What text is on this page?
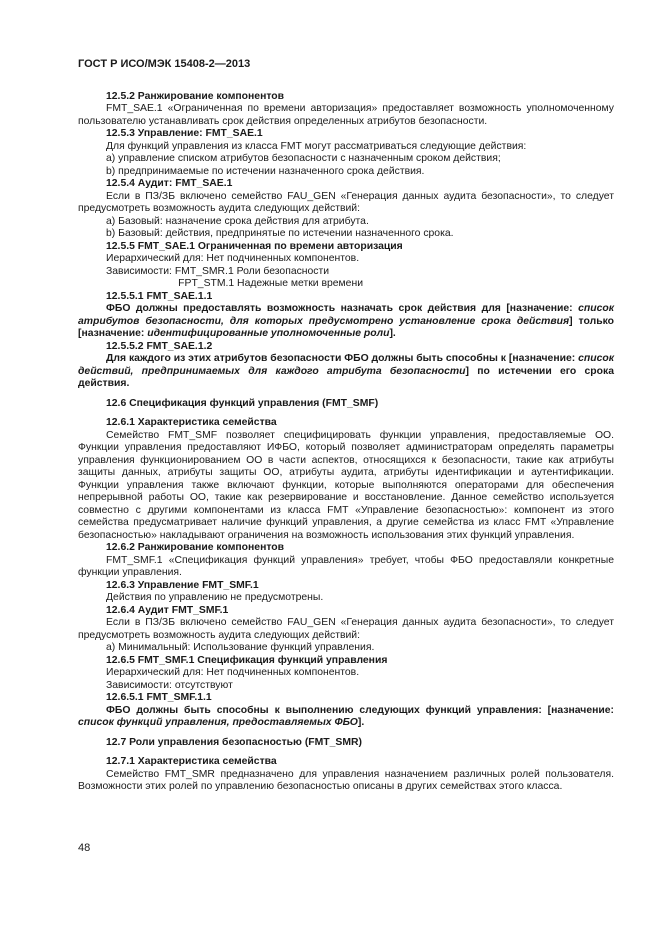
ГОСТ Р ИСО/МЭК 15408-2—2013

12.5.2 Ранжирование компонентов

FMT_SAE.1 «Ограниченная по времени авторизация» предоставляет возможность уполномоченному пользователю устанавливать срок действия определенных атрибутов безопасности.

12.5.3 Управление: FMT_SAE.1

Для функций управления из класса FMT могут рассматриваться следующие действия:

a) управление списком атрибутов безопасности с назначенным сроком действия;

b) предпринимаемые по истечении назначенного срока действия.

12.5.4 Аудит: FMT_SAE.1

Если в ПЗ/ЗБ включено семейство FAU_GEN «Генерация данных аудита безопасности», то следует предусмотреть возможность аудита следующих действий:

a) Базовый: назначение срока действия для атрибута.

b) Базовый: действия, предпринятые по истечении назначенного срока.

12.5.5 FMT_SAE.1 Ограниченная по времени авторизация

Иерархический для: Нет подчиненных компонентов.

Зависимости: FMT_SMR.1 Роли безопасности

FPT_STM.1 Надежные метки времени

12.5.5.1 FMT_SAE.1.1

ФБО должны предоставлять возможность назначать срок действия для [назначение: список атрибутов безопасности, для которых предусмотрено установление срока действия] только [назначение: идентифицированные уполномоченные роли].

12.5.5.2 FMT_SAE.1.2

Для каждого из этих атрибутов безопасности ФБО должны быть способны к [назначение: список действий, предпринимаемых для каждого атрибута безопасности] по истечении его срока действия.

12.6 Спецификация функций управления (FMT_SMF)

12.6.1 Характеристика семейства

Семейство FMT_SMF позволяет специфицировать функции управления, предоставляемые ОО. Функции управления предоставляют ИФБО, который позволяет администраторам определять параметры управления функционированием ОО в части аспектов, относящихся к безопасности, такие как атрибуты защиты данных, атрибуты защиты ОО, атрибуты аудита, атрибуты идентификации и аутентификации. Функции управления также включают функции, которые выполняются операторами для обеспечения непрерывной работы ОО, такие как резервирование и восстановление. Данное семейство используется совместно с другими компонентами из класса FMT «Управление безопасностью»: компонент из этого семейства предусматривает наличие функций управления, а другие семейства из класс FMT «Управление безопасностью» накладывают ограничения на возможность использования этих функций управления.

12.6.2 Ранжирование компонентов

FMT_SMF.1 «Спецификация функций управления» требует, чтобы ФБО предоставляли конкретные функции управления.

12.6.3 Управление FMT_SMF.1

Действия по управлению не предусмотрены.

12.6.4 Аудит FMT_SMF.1

Если в ПЗ/ЗБ включено семейство FAU_GEN «Генерация данных аудита безопасности», то следует предусмотреть возможность аудита следующих действий:

a) Минимальный: Использование функций управления.

12.6.5 FMT_SMF.1 Спецификация функций управления

Иерархический для: Нет подчиненных компонентов.

Зависимости: отсутствуют

12.6.5.1 FMT_SMF.1.1

ФБО должны быть способны к выполнению следующих функций управления: [назначение: список функций управления, предоставляемых ФБО].

12.7 Роли управления безопасностью (FMT_SMR)

12.7.1 Характеристика семейства

Семейство FMT_SMR предназначено для управления назначением различных ролей пользователя. Возможности этих ролей по управлению безопасностью описаны в других семействах этого класса.

48
